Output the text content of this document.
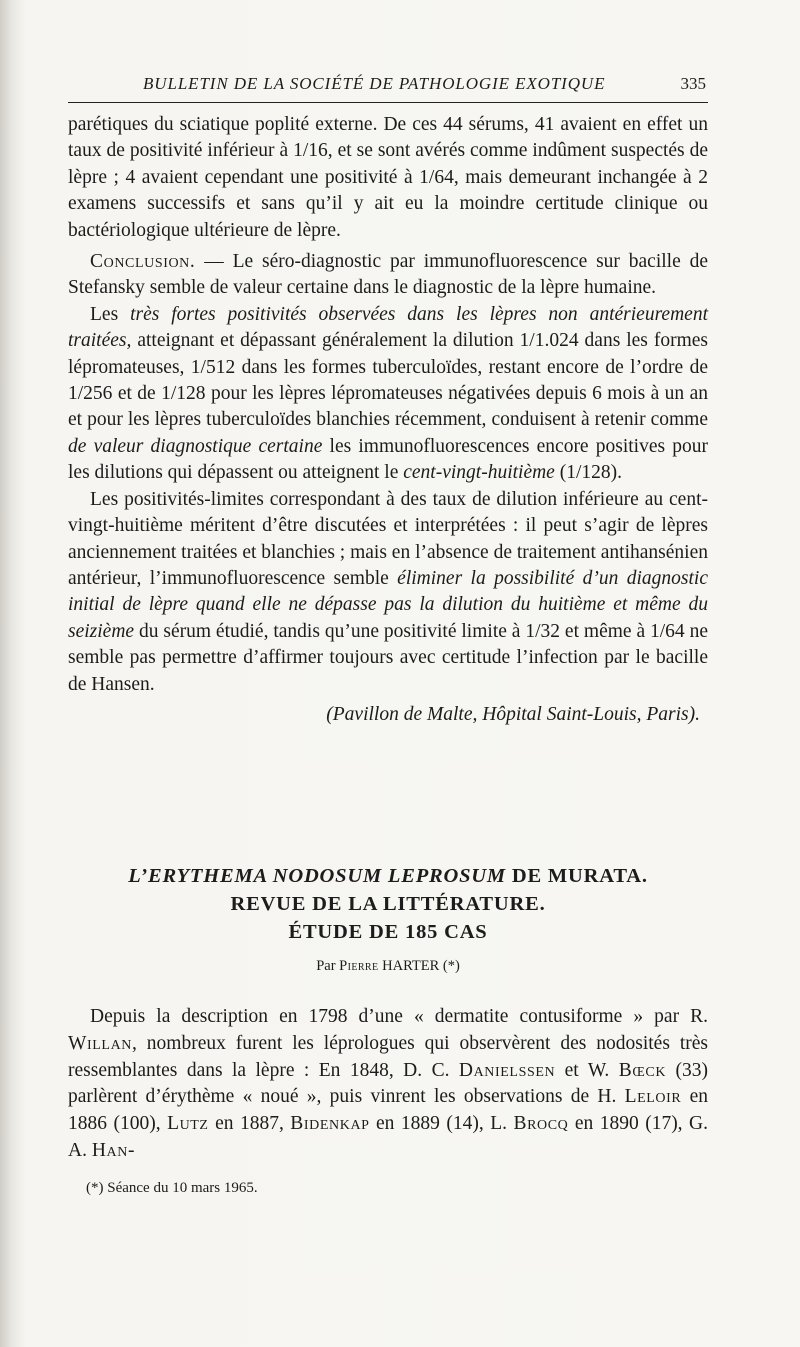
BULLETIN DE LA SOCIÉTÉ DE PATHOLOGIE EXOTIQUE	335

parétiques du sciatique poplité externe. De ces 44 sérums, 41 avaient en effet un taux de positivité inférieur à 1/16, et se sont avérés comme indûment suspectés de lèpre ; 4 avaient cependant une positivité à 1/64, mais demeurant inchangée à 2 examens successifs et sans qu’il y ait eu la moindre certitude clinique ou bactériologique ultérieure de lèpre.

Conclusion. — Le séro-diagnostic par immunofluorescence sur bacille de Stefansky semble de valeur certaine dans le diagnostic de la lèpre humaine.

Les très fortes positivités observées dans les lèpres non antérieurement traitées, atteignant et dépassant généralement la dilution 1/1.024 dans les formes lépromateuses, 1/512 dans les formes tuberculoïdes, restant encore de l’ordre de 1/256 et de 1/128 pour les lèpres lépromateuses négativées depuis 6 mois à un an et pour les lèpres tuberculoïdes blanchies récemment, conduisent à retenir comme de valeur diagnostique certaine les immunofluorescences encore positives pour les dilutions qui dépassent ou atteignent le cent-vingt-huitième (1/128).

Les positivités-limites correspondant à des taux de dilution inférieure au cent-vingt-huitième méritent d’être discutées et interprétées : il peut s’agir de lèpres anciennement traitées et blanchies ; mais en l’absence de traitement antihansénien antérieur, l’immunofluorescence semble éliminer la possibilité d’un diagnostic initial de lèpre quand elle ne dépasse pas la dilution du huitième et même du seizième du sérum étudié, tandis qu’une positivité limite à 1/32 et même à 1/64 ne semble pas permettre d’affirmer toujours avec certitude l’infection par le bacille de Hansen.

(Pavillon de Malte, Hôpital Saint-Louis, Paris).

L’ERYTHEMA NODOSUM LEPROSUM DE MURATA.
REVUE DE LA LITTÉRATURE.
ÉTUDE DE 185 CAS
Par Pierre HARTER (*)

Depuis la description en 1798 d’une « dermatite contusiforme » par R. Willan, nombreux furent les léprologues qui observèrent des nodosités très ressemblantes dans la lèpre : En 1848, D. C. Danielssen et W. Bœck (33) parlèrent d’érythème « noué », puis vinrent les observations de H. Leloir en 1886 (100), Lutz en 1887, Bidenkap en 1889 (14), L. Brocq en 1890 (17), G. A. Han-

(*) Séance du 10 mars 1965.
